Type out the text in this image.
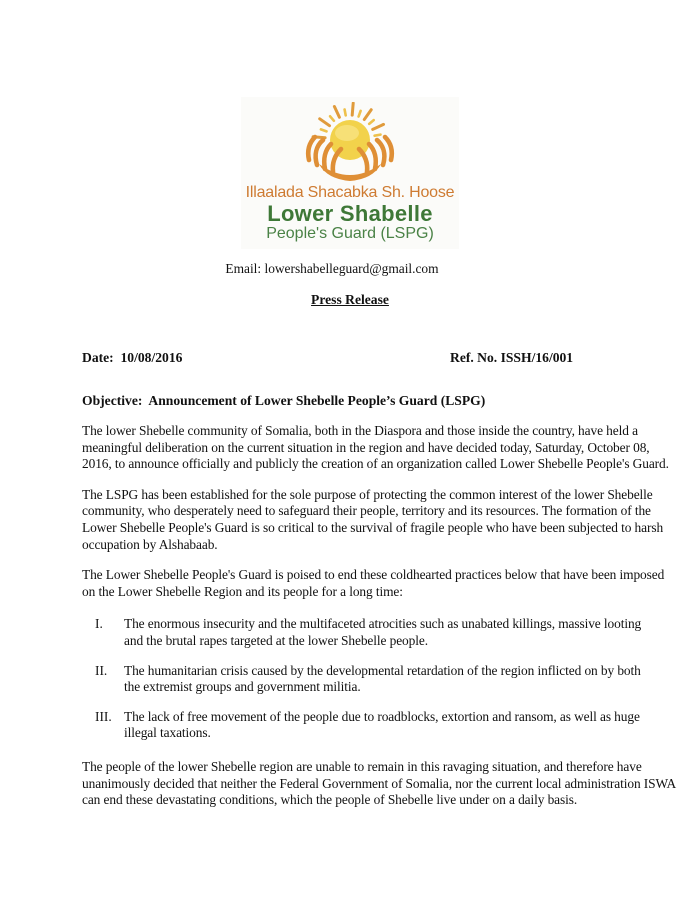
Illaalada Shacabka Sh. Hoose
Lower Shabelle
People's Guard (LSPG)
Email: lowershabelleguard@gmail.com
Press Release
Date:  10/08/2016	Ref. No. ISSH/16/001
Objective:  Announcement of Lower Shebelle People’s Guard (LSPG)

The lower Shebelle community of Somalia, both in the Diaspora and those inside the country, have held a meaningful deliberation on the current situation in the region and have decided today, Saturday, October 08, 2016, to announce officially and publicly the creation of an organization called Lower Shebelle People's Guard.

The LSPG has been established for the sole purpose of protecting the common interest of the lower Shebelle community, who desperately need to safeguard their people, territory and its resources. The formation of the Lower Shebelle People's Guard is so critical to the survival of fragile people who have been subjected to harsh occupation by Alshabaab.

The Lower Shebelle People's Guard is poised to end these coldhearted practices below that have been imposed on the Lower Shebelle Region and its people for a long time:

I.	The enormous insecurity and the multifaceted atrocities such as unabated killings, massive looting and the brutal rapes targeted at the lower Shebelle people.
II.	The humanitarian crisis caused by the developmental retardation of the region inflicted on by both the extremist groups and government militia.
III. The lack of free movement of the people due to roadblocks, extortion and ransom, as well as huge illegal taxations.

The people of the lower Shebelle region are unable to remain in this ravaging situation, and therefore have unanimously decided that neither the Federal Government of Somalia, nor the current local administration ISWA can end these devastating conditions, which the people of Shebelle live under on a daily basis.
